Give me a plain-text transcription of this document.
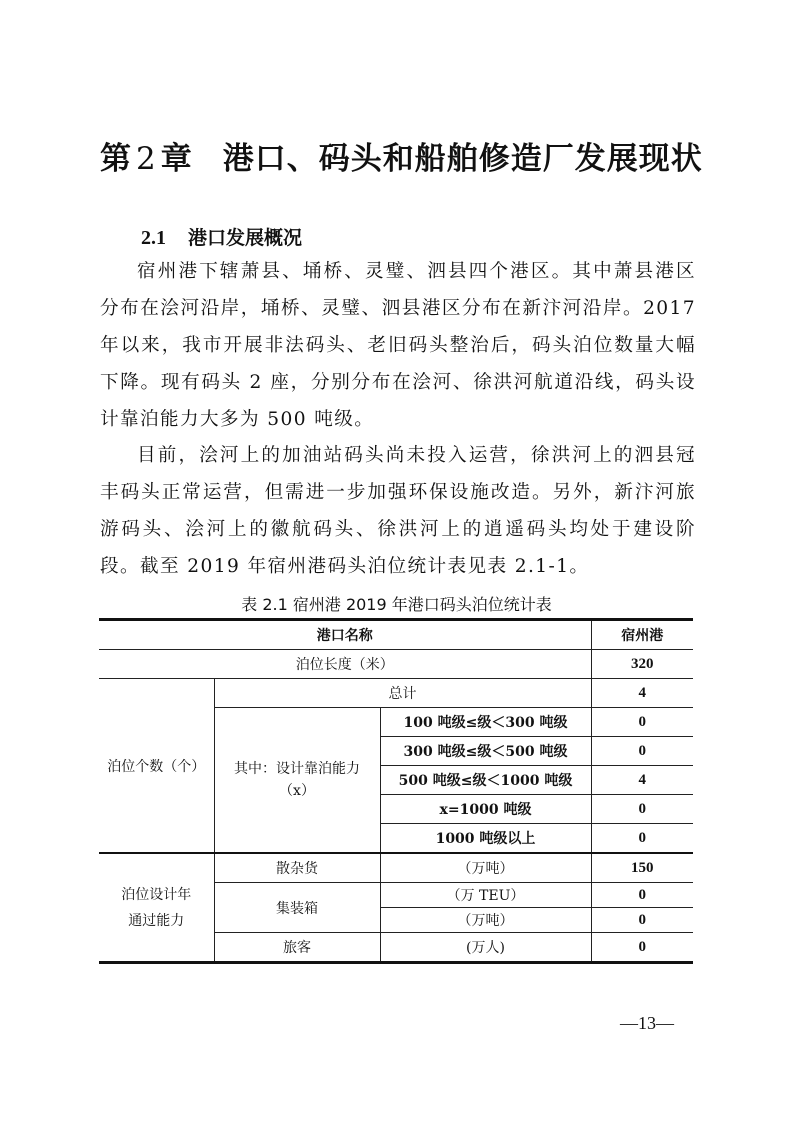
第 2 章 港口、码头和船舶修造厂发展现状
2.1 港口发展概况

宿州港下辖萧县、埇桥、灵璧、泗县四个港区。其中萧县港区分布在浍河沿岸，埇桥、灵璧、泗县港区分布在新汴河沿岸。2017 年以来，我市开展非法码头、老旧码头整治后，码头泊位数量大幅下降。现有码头 2 座，分别分布在浍河、徐洪河航道沿线，码头设计靠泊能力大多为 500 吨级。

目前，浍河上的加油站码头尚未投入运营，徐洪河上的泗县冠丰码头正常运营，但需进一步加强环保设施改造。另外，新汴河旅游码头、浍河上的徽航码头、徐洪河上的逍遥码头均处于建设阶段。截至 2019 年宿州港码头泊位统计表见表 2.1-1。

表 2.1 宿州港 2019 年港口码头泊位统计表
港口名称			宿州港
泊位长度（米）			320
泊位个数（个）	总计		4
	其中：设计靠泊能力（x）	100 吨级≤级＜300 吨级	0
		300 吨级≤级＜500 吨级	0
		500 吨级≤级＜1000 吨级	4
		x=1000 吨级	0
		1000 吨级以上	0
泊位设计年通过能力	散杂货	（万吨）	150
	集装箱	（万 TEU）	0
		（万吨）	0
	旅客	(万人)	0
—13—
